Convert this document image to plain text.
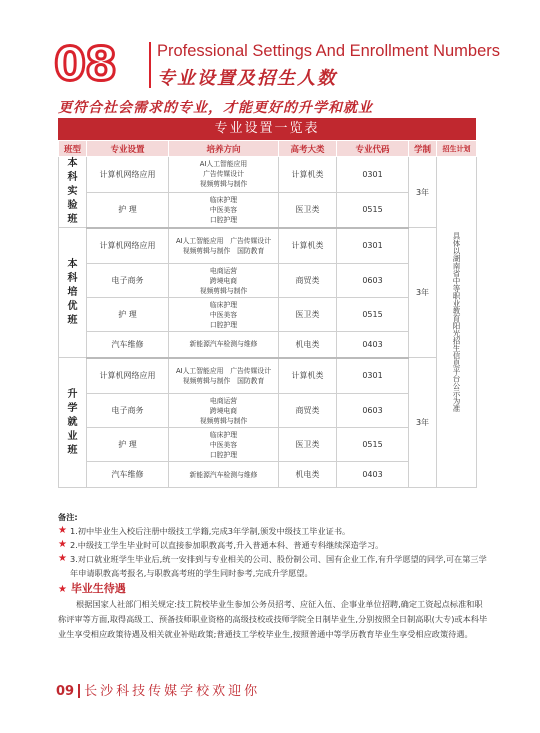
08 Professional Settings And Enrollment Numbers
专业设置及招生人数
更符合社会需求的专业，才能更好的升学和就业
专业设置一览表
班型	专业设置	培养方向	高考大类	专业代码	学制	招生计划

本科实验班	计算机网络应用	AI人工智能应用
广告传媒设计
视频剪辑与制作	计算机类	0301	3年	具体以湖南省中等职业教育阳光招生信息平台公示为准
	护 理	临床护理
中医美容
口腔护理	医卫类	0515		

本科培优班	计算机网络应用	AI人工智能应用　广告传媒设计
视频剪辑与制作　国防教育	计算机类	0301	3年	
	电子商务	电商运营
跨境电商
视频剪辑与制作	商贸类	0603		
	护 理	临床护理
中医美容
口腔护理	医卫类	0515		
	汽车维修	新能源汽车检测与维修	机电类	0403		

升学就业班	计算机网络应用	AI人工智能应用　广告传媒设计
视频剪辑与制作　国防教育	计算机类	0301	3年	
	电子商务	电商运营
跨境电商
视频剪辑与制作	商贸类	0603		
	护 理	临床护理
中医美容
口腔护理	医卫类	0515		
	汽车维修	新能源汽车检测与维修	机电类	0403		
备注:
★ 1.初中毕业生入校后注册中级技工学籍,完成3年学制,颁发中级技工毕业证书。
★ 2.中级技工学生毕业时可以直接参加职教高考,升入普通本科、普通专科继续深造学习。
★ 3.对口就业班学生毕业后,统一安排到与专业相关的公司、股份制公司、国有企业工作,有升学愿望的同学,可在第三学年申请职教高考报名,与职教高考班的学生同时参考,完成升学愿望。
★ 毕业生待遇
根据国家人社部门相关规定:技工院校毕业生参加公务员招考、应征入伍、企事业单位招聘,确定工资起点标准和职称评审等方面,取得高级工、预备技师职业资格的高级技校或技师学院全日制毕业生,分别按照全日制高职(大专)或本科毕业生享受相应政策待遇及相关就业补贴政策;普通技工学校毕业生,按照普通中等学历教育毕业生享受相应政策待遇。
09 长沙科技传媒学校欢迎你
